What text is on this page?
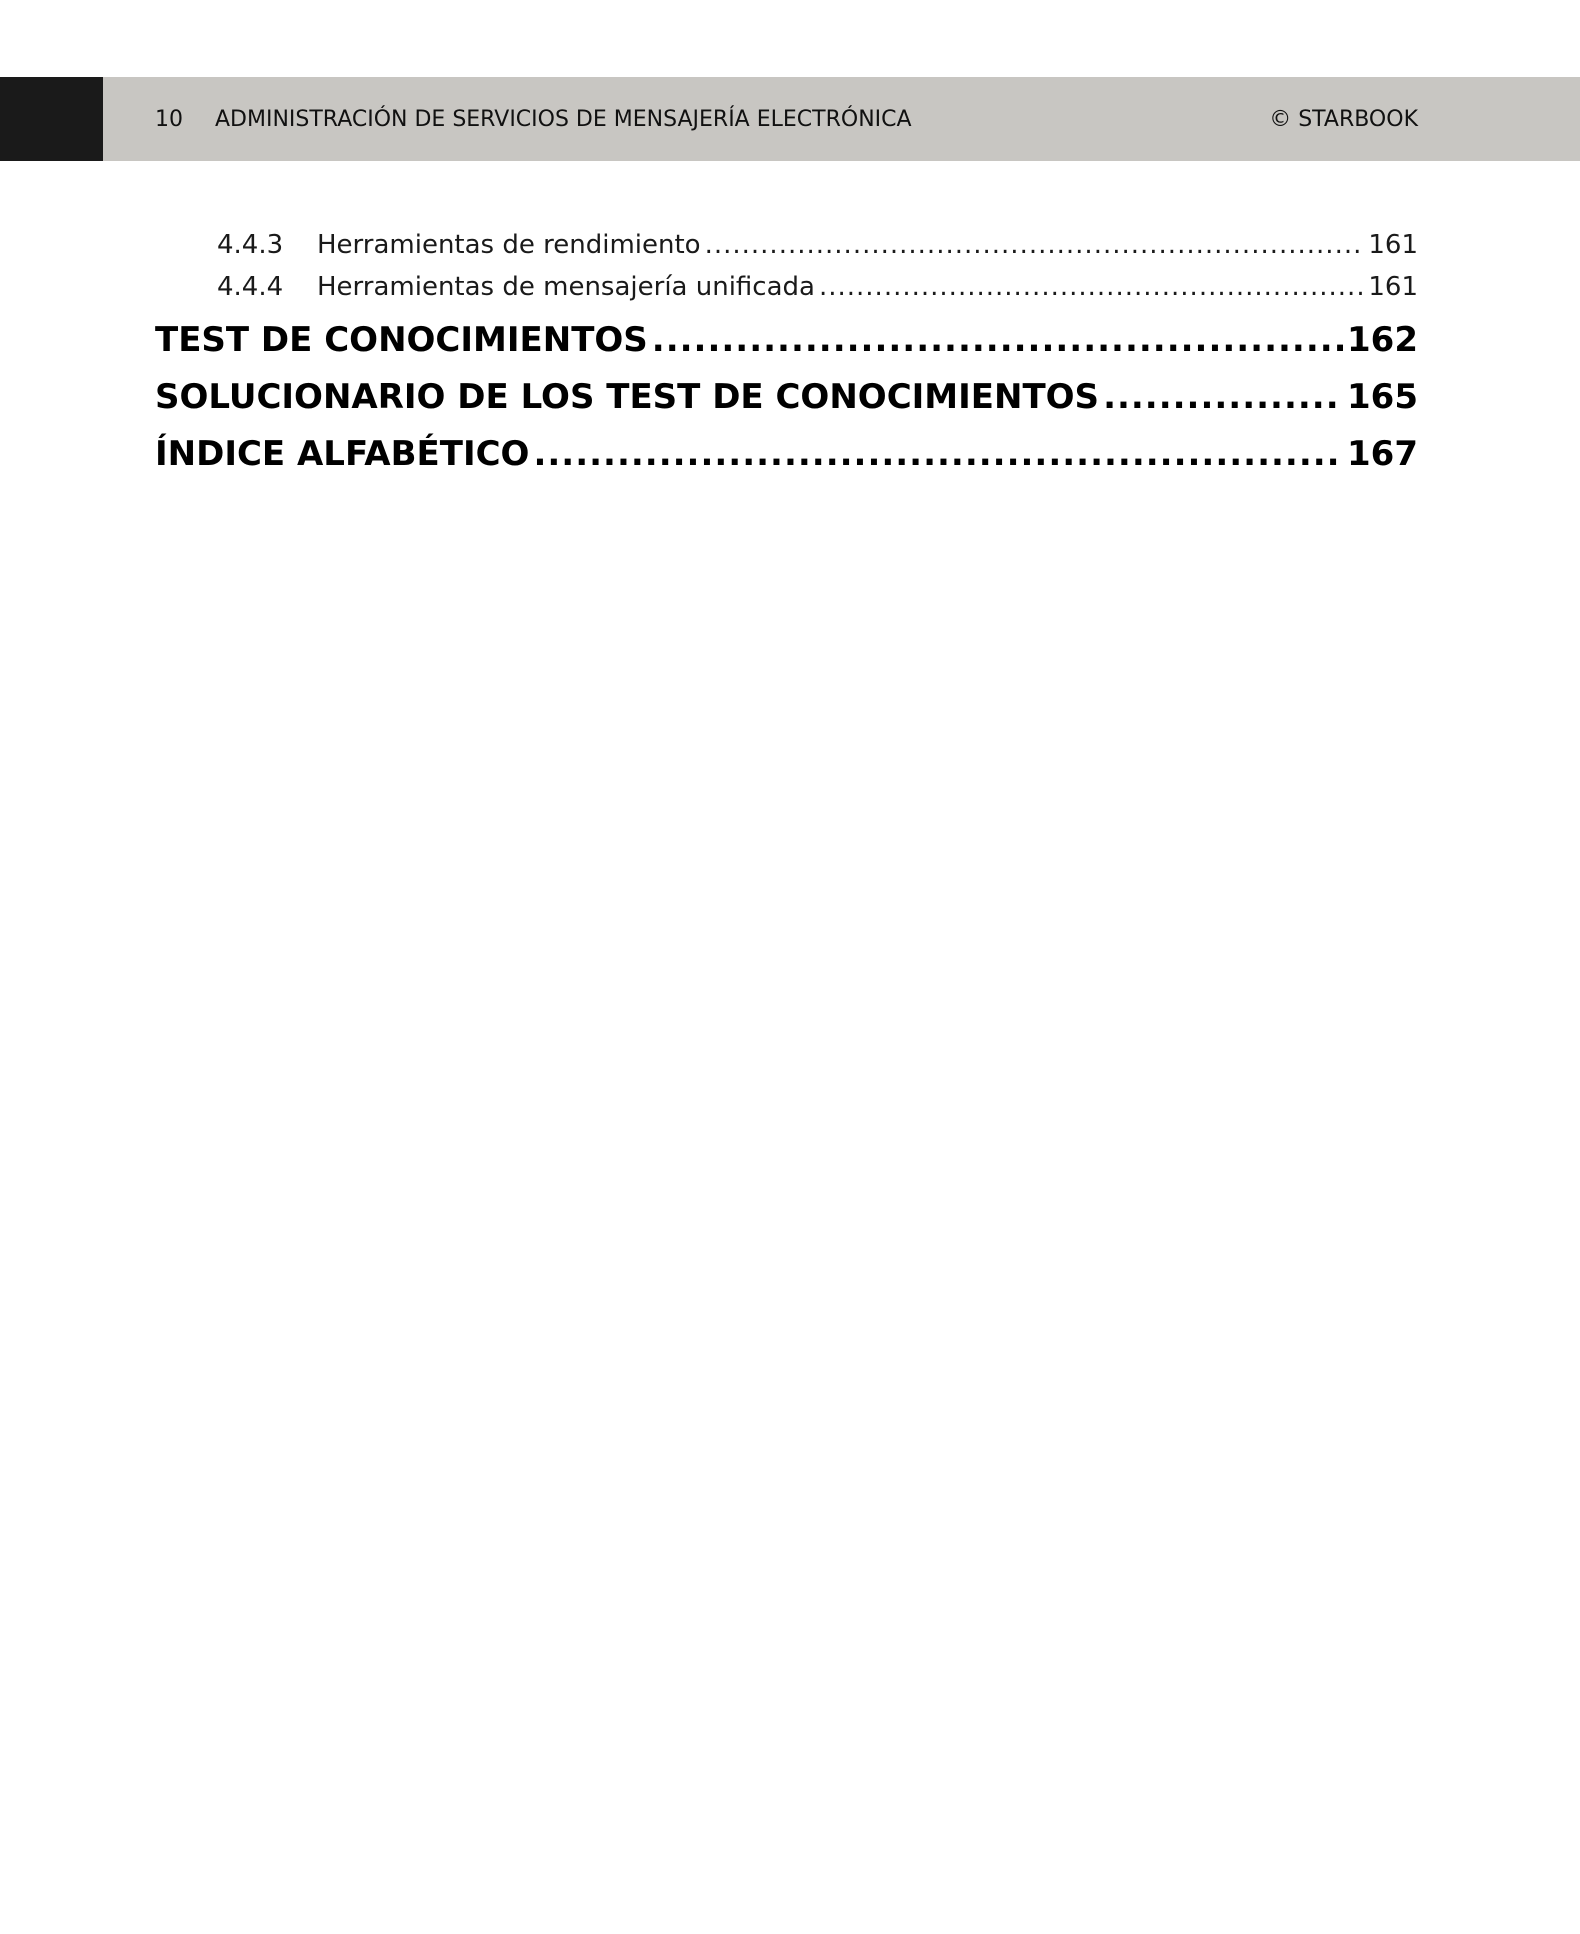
10	ADMINISTRACIÓN DE SERVICIOS DE MENSAJERÍA ELECTRÓNICA	© STARBOOK
4.4.3	Herramientas de rendimiento .....	161
4.4.4	Herramientas de mensajería unificada .....	161
TEST DE CONOCIMIENTOS .....	162
SOLUCIONARIO DE LOS TEST DE CONOCIMIENTOS .....	165
ÍNDICE ALFABÉTICO .....	167
